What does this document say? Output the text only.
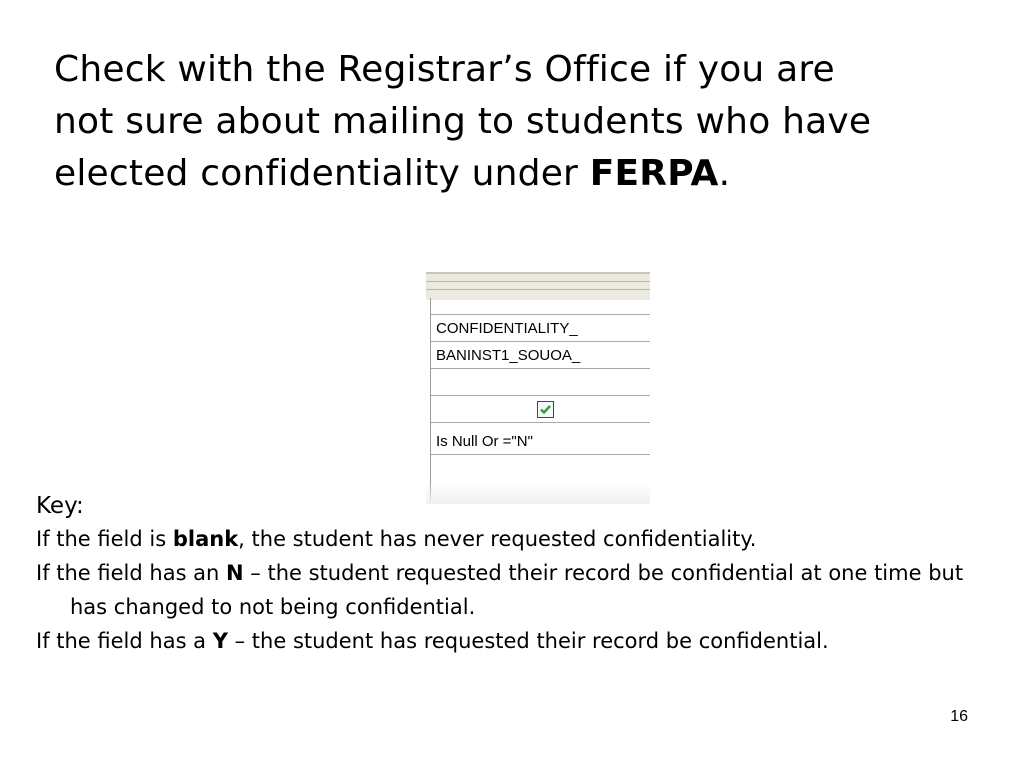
Check with the Registrar’s Office if you are not sure about mailing to students who have elected confidentiality under FERPA.
CONFIDENTIALITY_
BANINST1_SOUOA_
Is Null Or ="N"
Key:

If the field is blank, the student has never requested confidentiality.

If the field has an N – the student requested their record be confidential at one time but has changed to not being confidential.

If the field has a Y – the student has requested their record be confidential.

16
